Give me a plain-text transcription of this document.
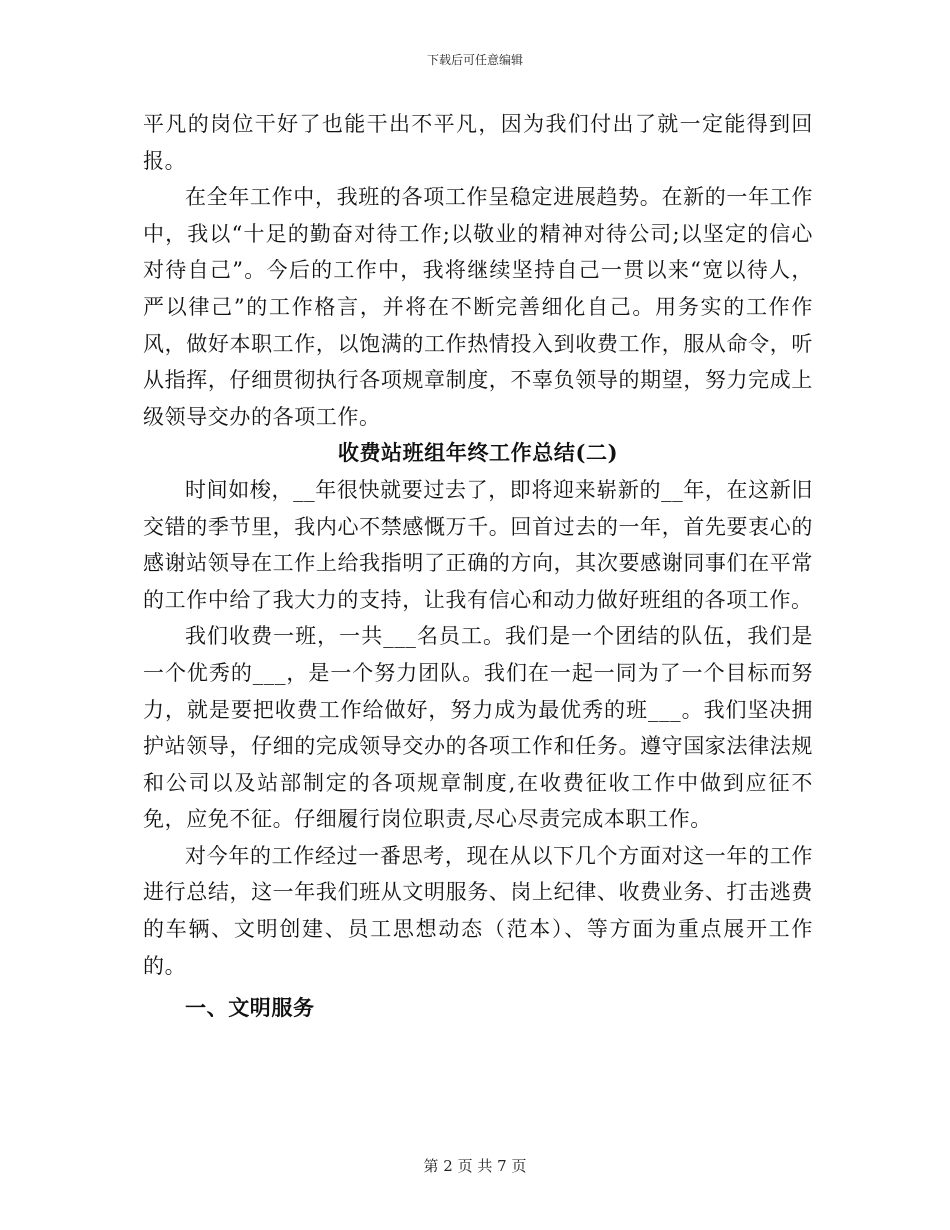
下载后可任意编辑

平凡的岗位干好了也能干出不平凡，因为我们付出了就一定能得到回报。

在全年工作中，我班的各项工作呈稳定进展趋势。在新的一年工作中，我以“十足的勤奋对待工作;以敬业的精神对待公司;以坚定的信心对待自己”。今后的工作中，我将继续坚持自己一贯以来“宽以待人，严以律己”的工作格言，并将在不断完善细化自己。用务实的工作作风，做好本职工作，以饱满的工作热情投入到收费工作，服从命令，听从指挥，仔细贯彻执行各项规章制度，不辜负领导的期望，努力完成上级领导交办的各项工作。

收费站班组年终工作总结(二)

时间如梭，__年很快就要过去了，即将迎来崭新的__年，在这新旧交错的季节里，我内心不禁感慨万千。回首过去的一年，首先要衷心的感谢站领导在工作上给我指明了正确的方向，其次要感谢同事们在平常的工作中给了我大力的支持，让我有信心和动力做好班组的各项工作。

我们收费一班，一共___名员工。我们是一个团结的队伍，我们是一个优秀的___，是一个努力团队。我们在一起一同为了一个目标而努力，就是要把收费工作给做好，努力成为最优秀的班___。我们坚决拥护站领导，仔细的完成领导交办的各项工作和任务。遵守国家法律法规和公司以及站部制定的各项规章制度,在收费征收工作中做到应征不免，应免不征。仔细履行岗位职责,尽心尽责完成本职工作。

对今年的工作经过一番思考，现在从以下几个方面对这一年的工作进行总结，这一年我们班从文明服务、岗上纪律、收费业务、打击逃费的车辆、文明创建、员工思想动态（范本）、等方面为重点展开工作的。

一、文明服务
第 2 页 共 7 页
